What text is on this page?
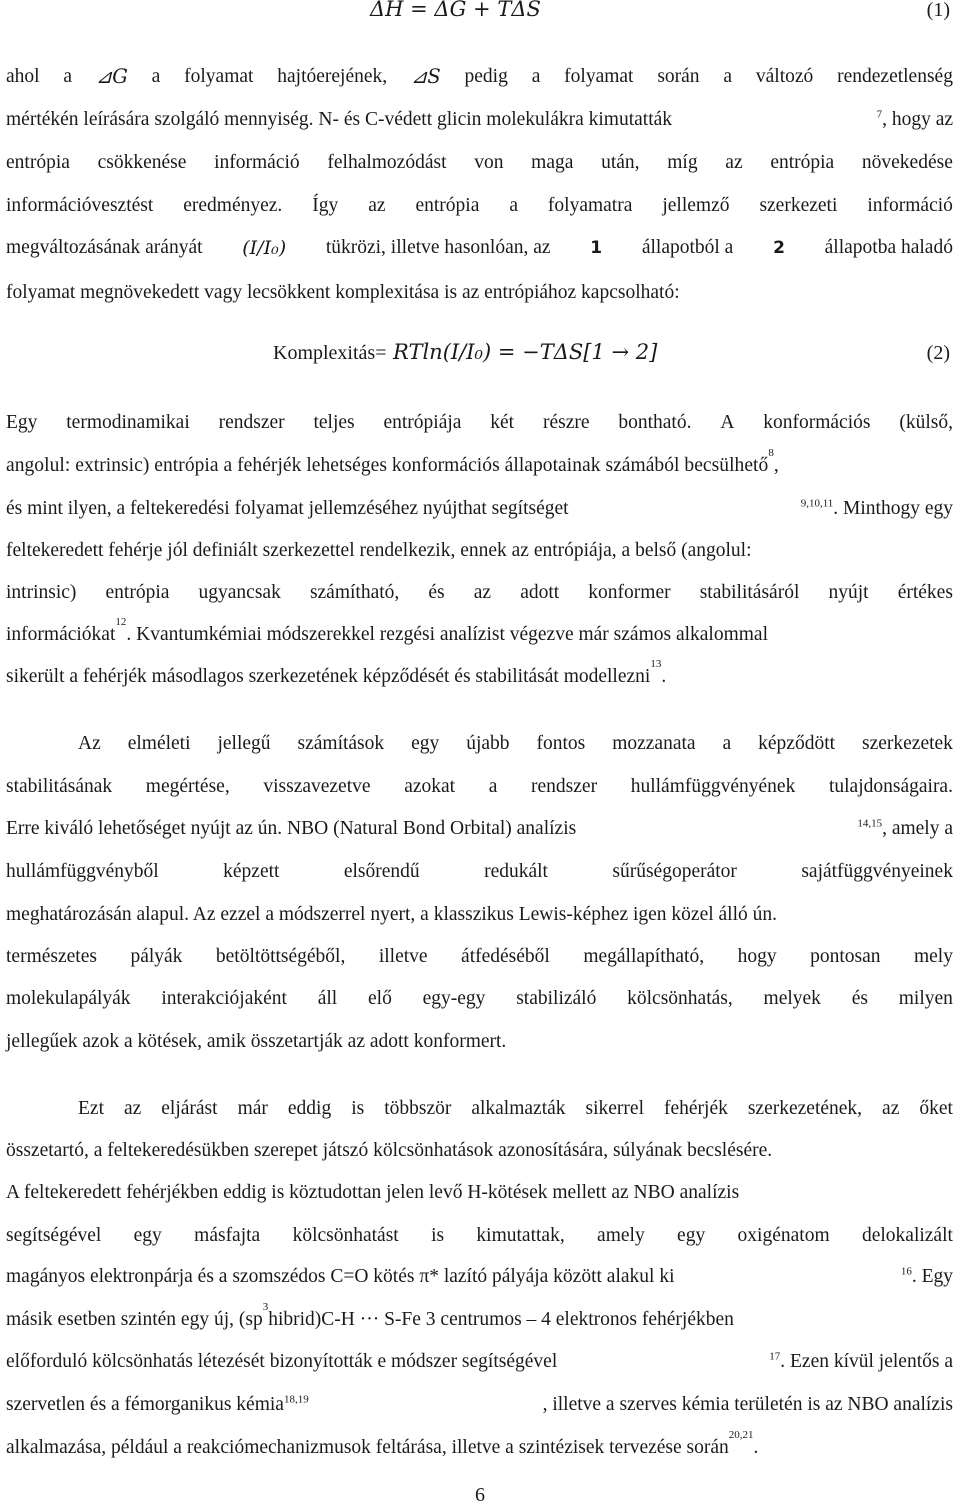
ΔH = ΔG + TΔS	(1)
ahol a ⊿G a folyamat hajtóerejének, ⊿S pedig a folyamat során a változó rendezetlenség
mértékén leírására szolgáló mennyiség. N- és C-védett glicin molekulákra kimutatták	$^7$, hogy az
entrópia csökkenése információ felhalmozódást von maga után, míg az entrópia növekedése
információvesztést eredményez. Így az entrópia a folyamatra jellemző szerkezeti információ
megváltozásának arányát (I/I₀) tükrözi, illetve hasonlóan, az 1 állapotból a 2 állapotba haladó
folyamat megnövekedett vagy lecsökkent komplexitása is az entrópiához kapcsolható:
Komplexitás= RTln(I/I₀) = −TΔS[1 → 2]	(2)
Egy termodinamikai rendszer teljes entrópiája két részre bontható. A konformációs (külső,
angolul: extrinsic) entrópia a fehérjék lehetséges konformációs állapotainak számából becsülhető
8
,
és mint ilyen, a feltekeredési folyamat jellemzéséhez nyújthat segítséget	$^{9,10,11}$. Minthogy egy
feltekeredett fehérje jól definiált szerkezettel rendelkezik, ennek az entrópiája, a belső (angolul:
intrinsic) entrópia ugyancsak számítható, és az adott konformer stabilitásáról nyújt értékes
információkat
12
. Kvantumkémiai módszerekkel rezgési analízist végezve már számos alkalommal
sikerült a fehérjék másodlagos szerkezetének képződését és stabilitását modellezni
13
.
Az elméleti jellegű számítások egy újabb fontos mozzanata a képződött szerkezetek
stabilitásának megértése, visszavezetve azokat a rendszer hullámfüggvényének tulajdonságaira.
Erre kiváló lehetőséget nyújt az ún. NBO (Natural Bond Orbital) analízis	$^{14,15}$, amely a
hullámfüggvényből	képzett	elsőrendű	redukált	sűrűségoperátor	sajátfüggvényeinek
meghatározásán alapul. Az ezzel a módszerrel nyert, a klasszikus Lewis-képhez igen közel álló ún.
természetes pályák betöltöttségéből, illetve átfedéséből megállapítható, hogy pontosan mely
molekulapályák interakciójaként áll elő egy-egy stabilizáló kölcsönhatás, melyek és milyen
jellegűek azok a kötések, amik összetartják az adott konformert.
Ezt az eljárást már eddig is többször alkalmazták sikerrel fehérjék szerkezetének, az őket
összetartó, a feltekeredésükben szerepet játszó kölcsönhatások azonosítására, súlyának becslésére.
A feltekeredett fehérjékben eddig is köztudottan jelen levő H-kötések mellett az NBO analízis
segítségével egy másfajta kölcsönhatást is kimutattak, amely egy oxigénatom delokalizált
magányos elektronpárja és a szomszédos C=O kötés π* lazító pályája között alakul ki	$^{16}$. Egy
másik esetben szintén egy új, (sp
3
hibrid)C-H ··· S-Fe 3 centrumos – 4 elektronos fehérjékben
előforduló kölcsönhatás létezését bizonyították e módszer segítségével	$^{17}$. Ezen kívül jelentős a
szervetlen és a fémorganikus kémia$^{18,19}$	, illetve a szerves kémia területén is az NBO analízis
alkalmazása, például a reakciómechanizmusok feltárása, illetve a szintézisek tervezése során
20,21
.
6
